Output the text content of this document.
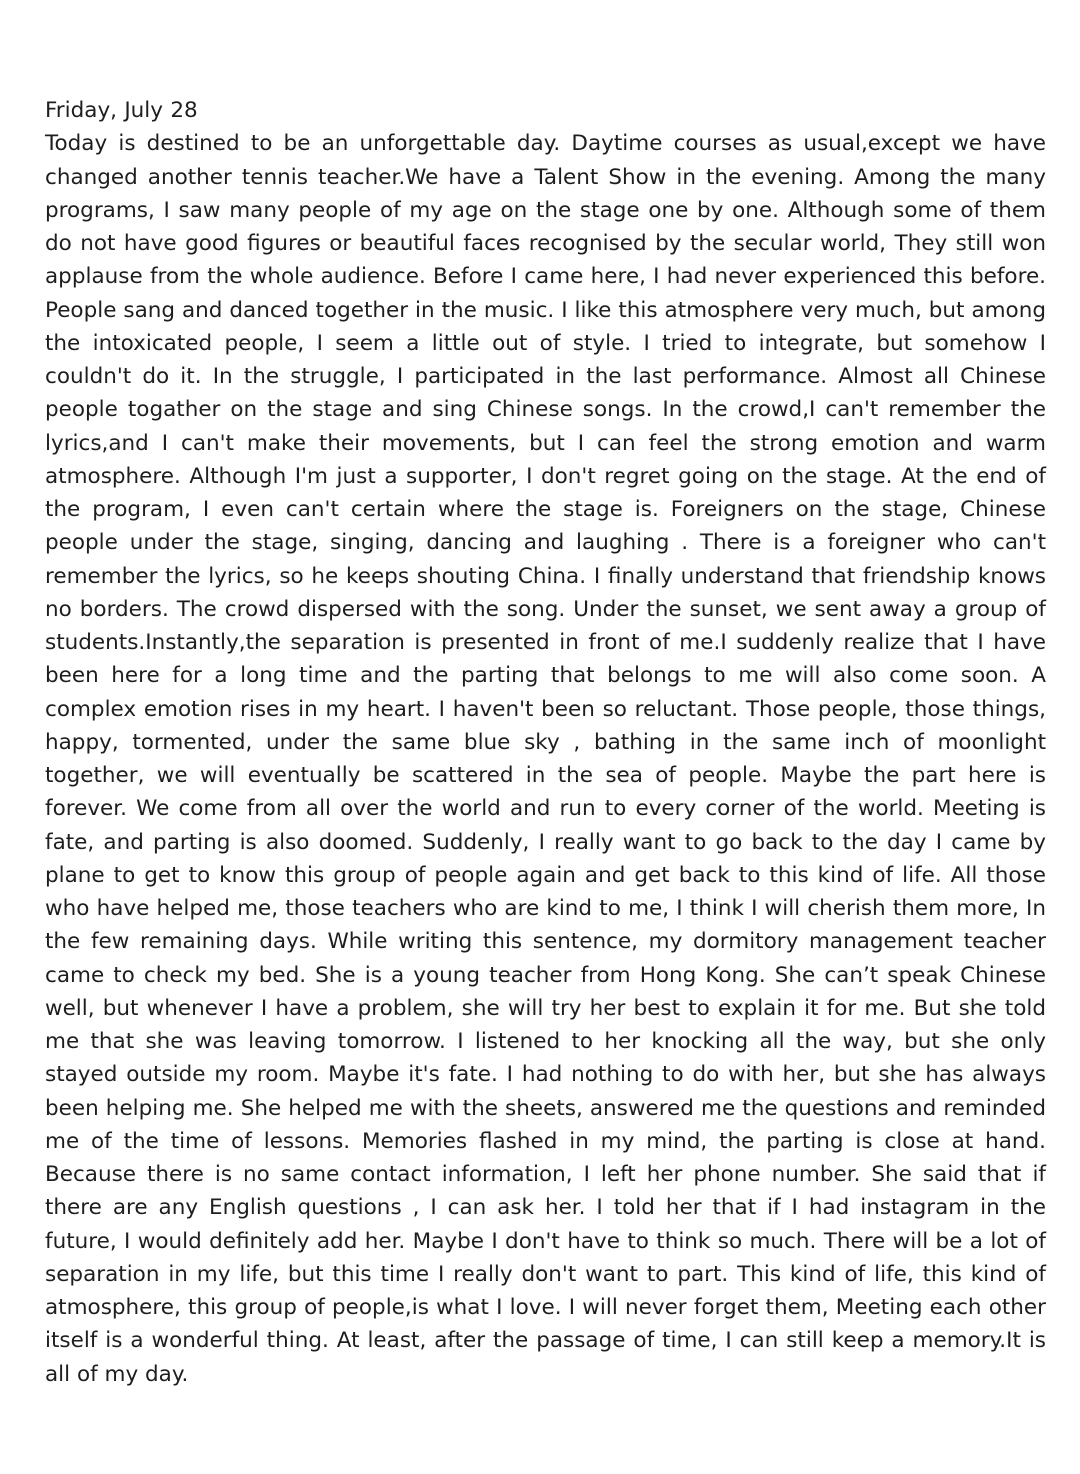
Friday, July 28

Today is destined to be an unforgettable day. Daytime courses as usual,except we have changed another tennis teacher.We have a Talent Show in the evening. Among the many programs, I saw many people of my age on the stage one by one. Although some of them do not have good figures or beautiful faces recognised by the secular world, They still won applause from the whole audience. Before I came here, I had never experienced this before. People sang and danced together in the music. I like this atmosphere very much, but among the intoxicated people, I seem a little out of style. I tried to integrate, but somehow I couldn't do it. In the struggle, I participated in the last performance. Almost all Chinese people togather on the stage and sing Chinese songs. In the crowd,I can't remember the lyrics,and I can't make their movements, but I can feel the strong emotion and warm atmosphere. Although I'm just a supporter, I don't regret going on the stage. At the end of the program, I even can't certain where the stage is. Foreigners on the stage, Chinese people under the stage, singing, dancing and laughing . There is a foreigner who can't remember the lyrics, so he keeps shouting China. I finally understand that friendship knows no borders. The crowd dispersed with the song. Under the sunset, we sent away a group of students.Instantly,the separation is presented in front of me.I suddenly realize that I have been here for a long time and the parting that belongs to me will also come soon. A complex emotion rises in my heart. I haven't been so reluctant. Those people, those things, happy, tormented, under the same blue sky , bathing in the same inch of moonlight together, we will eventually be scattered in the sea of people. Maybe the part here is forever. We come from all over the world and run to every corner of the world. Meeting is fate, and parting is also doomed. Suddenly, I really want to go back to the day I came by plane to get to know this group of people again and get back to this kind of life. All those who have helped me, those teachers who are kind to me, I think I will cherish them more, In the few remaining days. While writing this sentence, my dormitory management teacher came to check my bed. She is a young teacher from Hong Kong. She can’t speak Chinese well, but whenever I have a problem, she will try her best to explain it for me. But she told me that she was leaving tomorrow. I listened to her knocking all the way, but she only stayed outside my room. Maybe it's fate. I had nothing to do with her, but she has always been helping me. She helped me with the sheets, answered me the questions and reminded me of the time of lessons. Memories flashed in my mind, the parting is close at hand. Because there is no same contact information, I left her phone number. She said that if there are any English questions , I can ask her. I told her that if I had instagram in the future, I would definitely add her. Maybe I don't have to think so much. There will be a lot of separation in my life, but this time I really don't want to part. This kind of life, this kind of atmosphere, this group of people,is what I love. I will never forget them, Meeting each other itself is a wonderful thing. At least, after the passage of time, I can still keep a memory.It is all of my day.
